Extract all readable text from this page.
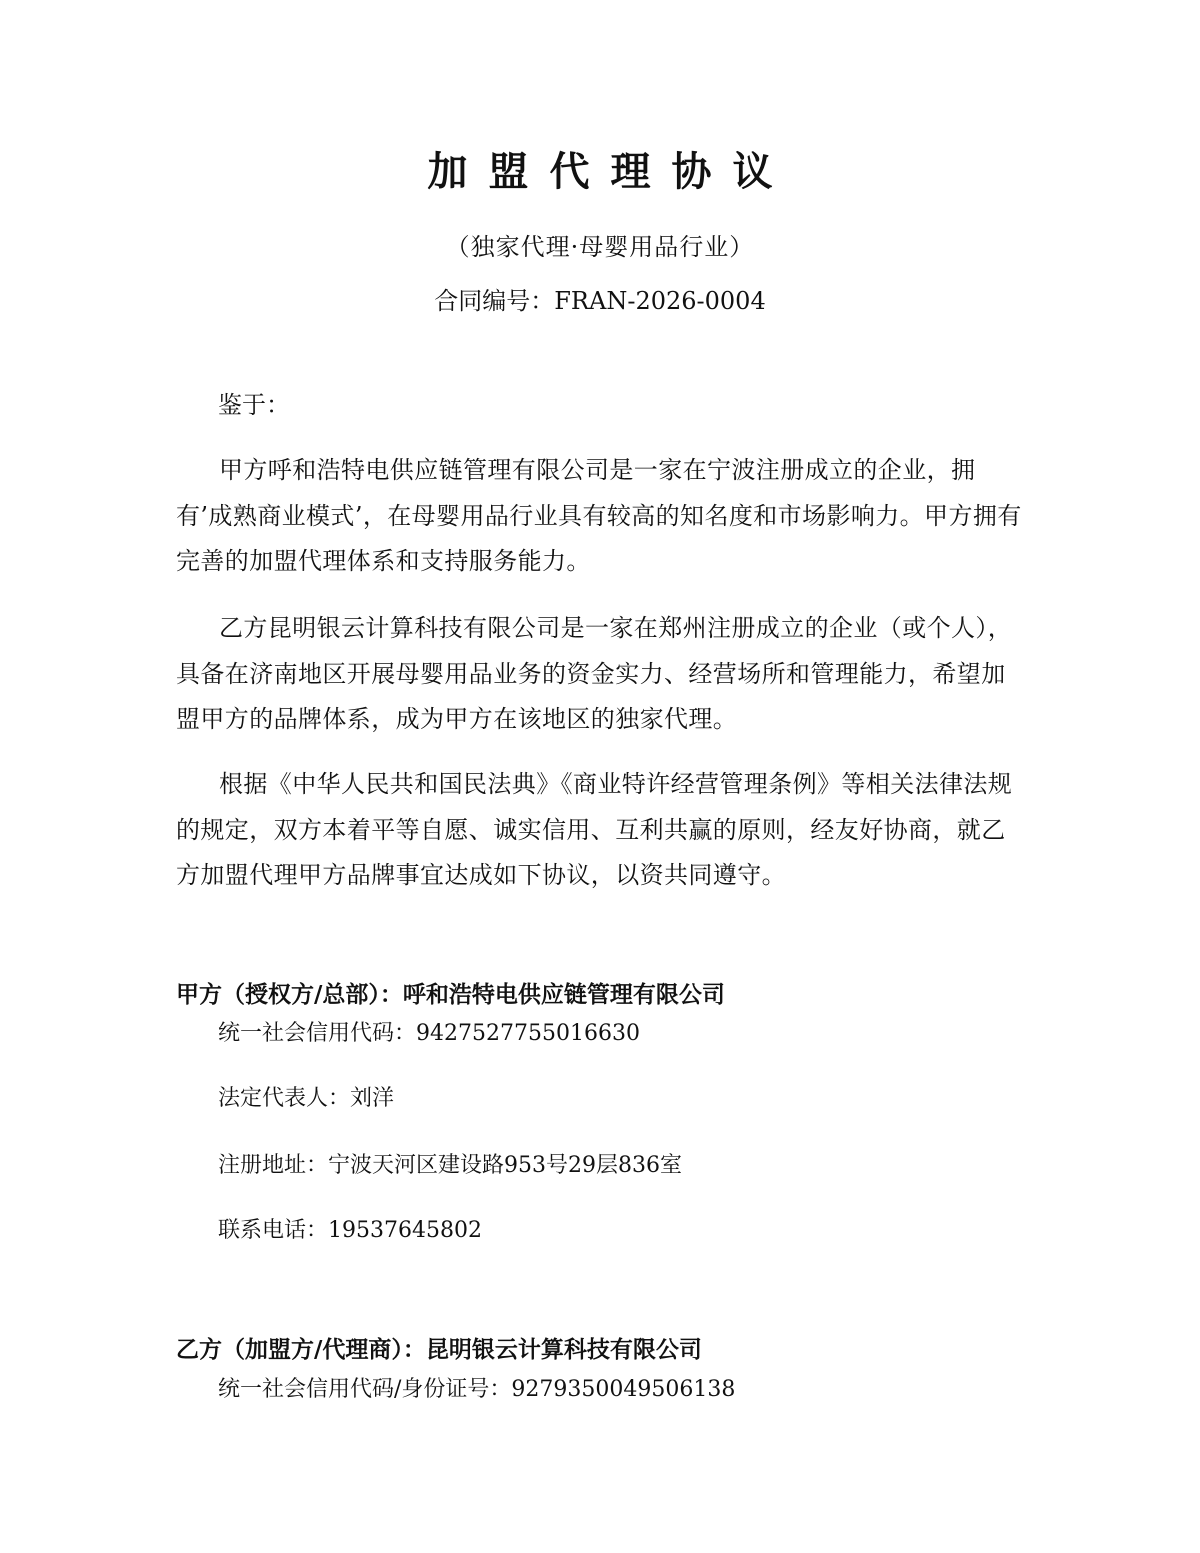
加盟代理协议
（独家代理·母婴用品行业）
合同编号：FRAN-2026-0004
鉴于：

甲方呼和浩特电供应链管理有限公司是一家在宁波注册成立的企业，拥有’成熟商业模式’，在母婴用品行业具有较高的知名度和市场影响力。甲方拥有完善的加盟代理体系和支持服务能力。

乙方昆明银云计算科技有限公司是一家在郑州注册成立的企业（或个人），具备在济南地区开展母婴用品业务的资金实力、经营场所和管理能力，希望加盟甲方的品牌体系，成为甲方在该地区的独家代理。

根据《中华人民共和国民法典》《商业特许经营管理条例》等相关法律法规的规定，双方本着平等自愿、诚实信用、互利共赢的原则，经友好协商，就乙方加盟代理甲方品牌事宜达成如下协议，以资共同遵守。

甲方（授权方/总部）：呼和浩特电供应链管理有限公司
统一社会信用代码：9427527755016630
法定代表人：刘洋
注册地址：宁波天河区建设路953号29层836室
联系电话：19537645802
乙方（加盟方/代理商）：昆明银云计算科技有限公司
统一社会信用代码/身份证号：9279350049506138
